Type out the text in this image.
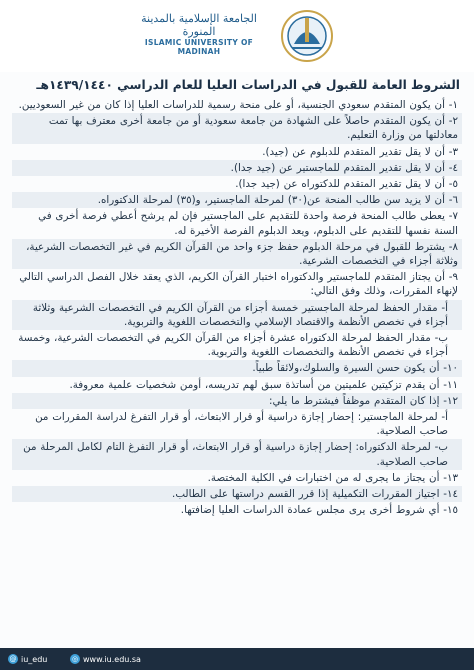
الجامعة الإسلامية بالمدينة المنورة
ISLAMIC UNIVERSITY OF MADINAH
الشروط العامة للقبول في الدراسات العليا للعام الدراسي ١٤٣٩/١٤٤٠هـ

١- أن يكون المتقدم سعودي الجنسية، أو على منحة رسمية للدراسات العليا إذا كان من غير السعوديين.

٢- أن يكون المتقدم حاصلاً على الشهادة من جامعة سعودية أو من جامعة أخرى معترف بها تمت معادلتها من وزارة التعليم.

٣- أن لا يقل تقدير المتقدم للدبلوم عن (جيد).

٤- أن لا يقل تقدير المتقدم للماجستير عن (جيد جدا).

٥- أن لا يقل تقدير المتقدم للدكتوراه عن (جيد جدا).

٦- أن لا يزيد سن طالب المنحة عن(٣٠) لمرحلة الماجستير، و(٣٥) لمرحلة الدكتوراه.

٧- يعطى طالب المنحة فرصة واحدة للتقديم على الماجستير فإن لم يرشح أعطي فرصة أخرى في السنة نفسها للتقديم على الدبلوم، ويعد الدبلوم الفرصة الأخيرة له.

٨- يشترط للقبول في مرحلة الدبلوم حفظ جزء واحد من القرآن الكريم في غير التخصصات الشرعية، وثلاثة أجزاء في التخصصات الشرعية.

٩- أن يجتاز المتقدم للماجستير والدكتوراه اختبار القرآن الكريم، الذي يعقد خلال الفصل الدراسي التالي لإنهاء المقررات، وذلك وفق التالي:

أ- مقدار الحفظ لمرحلة الماجستير خمسة أجزاء من القرآن الكريم في التخصصات الشرعية وثلاثة أجزاء في تخصص الأنظمة والاقتصاد الإسلامي والتخصصات اللغوية والتربوية.

ب- مقدار الحفظ لمرحلة الدكتوراه عشرة أجزاء من القرآن الكريم في التخصصات الشرعية، وخمسة أجزاء في تخصص الأنظمة والتخصصات اللغوية والتربوية.

١٠- أن يكون حسن السيرة والسلوك،ولائقاً طبياً.

١١- أن يقدم تزكيتين علميتين من أساتذة سبق لهم تدريسه، أومن شخصيات علمية معروفة.

١٢- إذا كان المتقدم موظفاً فيشترط ما يلي:

أ- لمرحلة الماجستير: إحضار إجازة دراسية أو قرار الابتعاث، أو قرار التفرغ لدراسة المقررات من صاحب الصلاحية.

ب- لمرحلة الدكتوراه: إحضار إجازة دراسية أو قرار الابتعاث، أو قرار التفرغ التام لكامل المرحلة من صاحب الصلاحية.

١٣- أن يجتاز ما يجرى له من اختبارات في الكلية المختصة.

١٤- اجتياز المقررات التكميلية إذا قرر القسم دراستها على الطالب.

١٥- أي شروط أخرى يرى مجلس عمادة الدراسات العليا إضافتها.

@ iu_edu	◎ www.iu.edu.sa
